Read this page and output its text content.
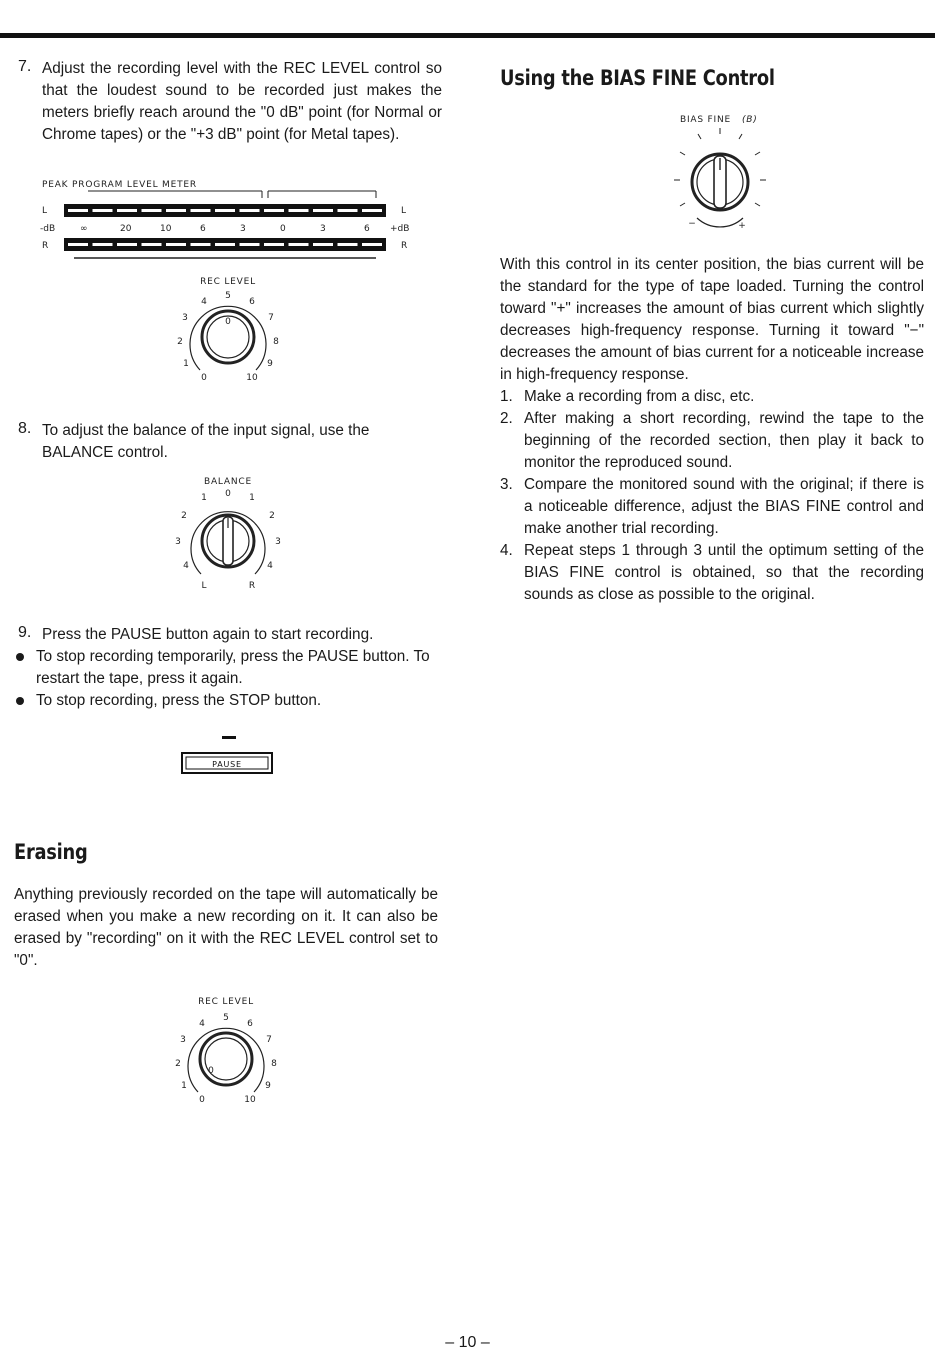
7. Adjust the recording level with the REC LEVEL control so that the loudest sound to be recorded just makes the meters briefly reach around the "0 dB" point (for Normal or Chrome tapes) or the "+3 dB" point (for Metal tapes).

PEAK PROGRAM LEVEL METER
L	L
-dB	∞	20	10	6	3	0	3	6 +dB
R	R
REC LEVEL
0
0
1
2
3
4
5
6
7
8
9
10
8. To adjust the balance of the input signal, use the BALANCE control.

BALANCE
0
1
2
3
4
1
2
3
4
L	R
9. Press the PAUSE button again to start recording.

To stop recording temporarily, press the PAUSE button. To restart the tape, press it again.

To stop recording, press the STOP button.

PAUSE
Erasing

Anything previously recorded on the tape will automatically be erased when you make a new recording on it. It can also be erased by "recording" on it with the REC LEVEL control set to "0".

REC LEVEL
0
0
1
2
3
4
5
6
7
8
9
10
Using the BIAS FINE Control
BIAS FINE (B)
−	+

With this control in its center position, the bias current will be the standard for the type of tape loaded. Turning the control toward "+" increases the amount of bias current which slightly decreases high-frequency response. Turning it toward "−" decreases the amount of bias current for a noticeable increase in high-frequency response.

1. Make a recording from a disc, etc.
2. After making a short recording, rewind the tape to the beginning of the recorded section, then play it back to monitor the reproduced sound.
3. Compare the monitored sound with the original; if there is a noticeable difference, adjust the BIAS FINE control and make another trial recording.
4. Repeat steps 1 through 3 until the optimum setting of the BIAS FINE control is obtained, so that the recording sounds as close as possible to the original.
– 10 –
